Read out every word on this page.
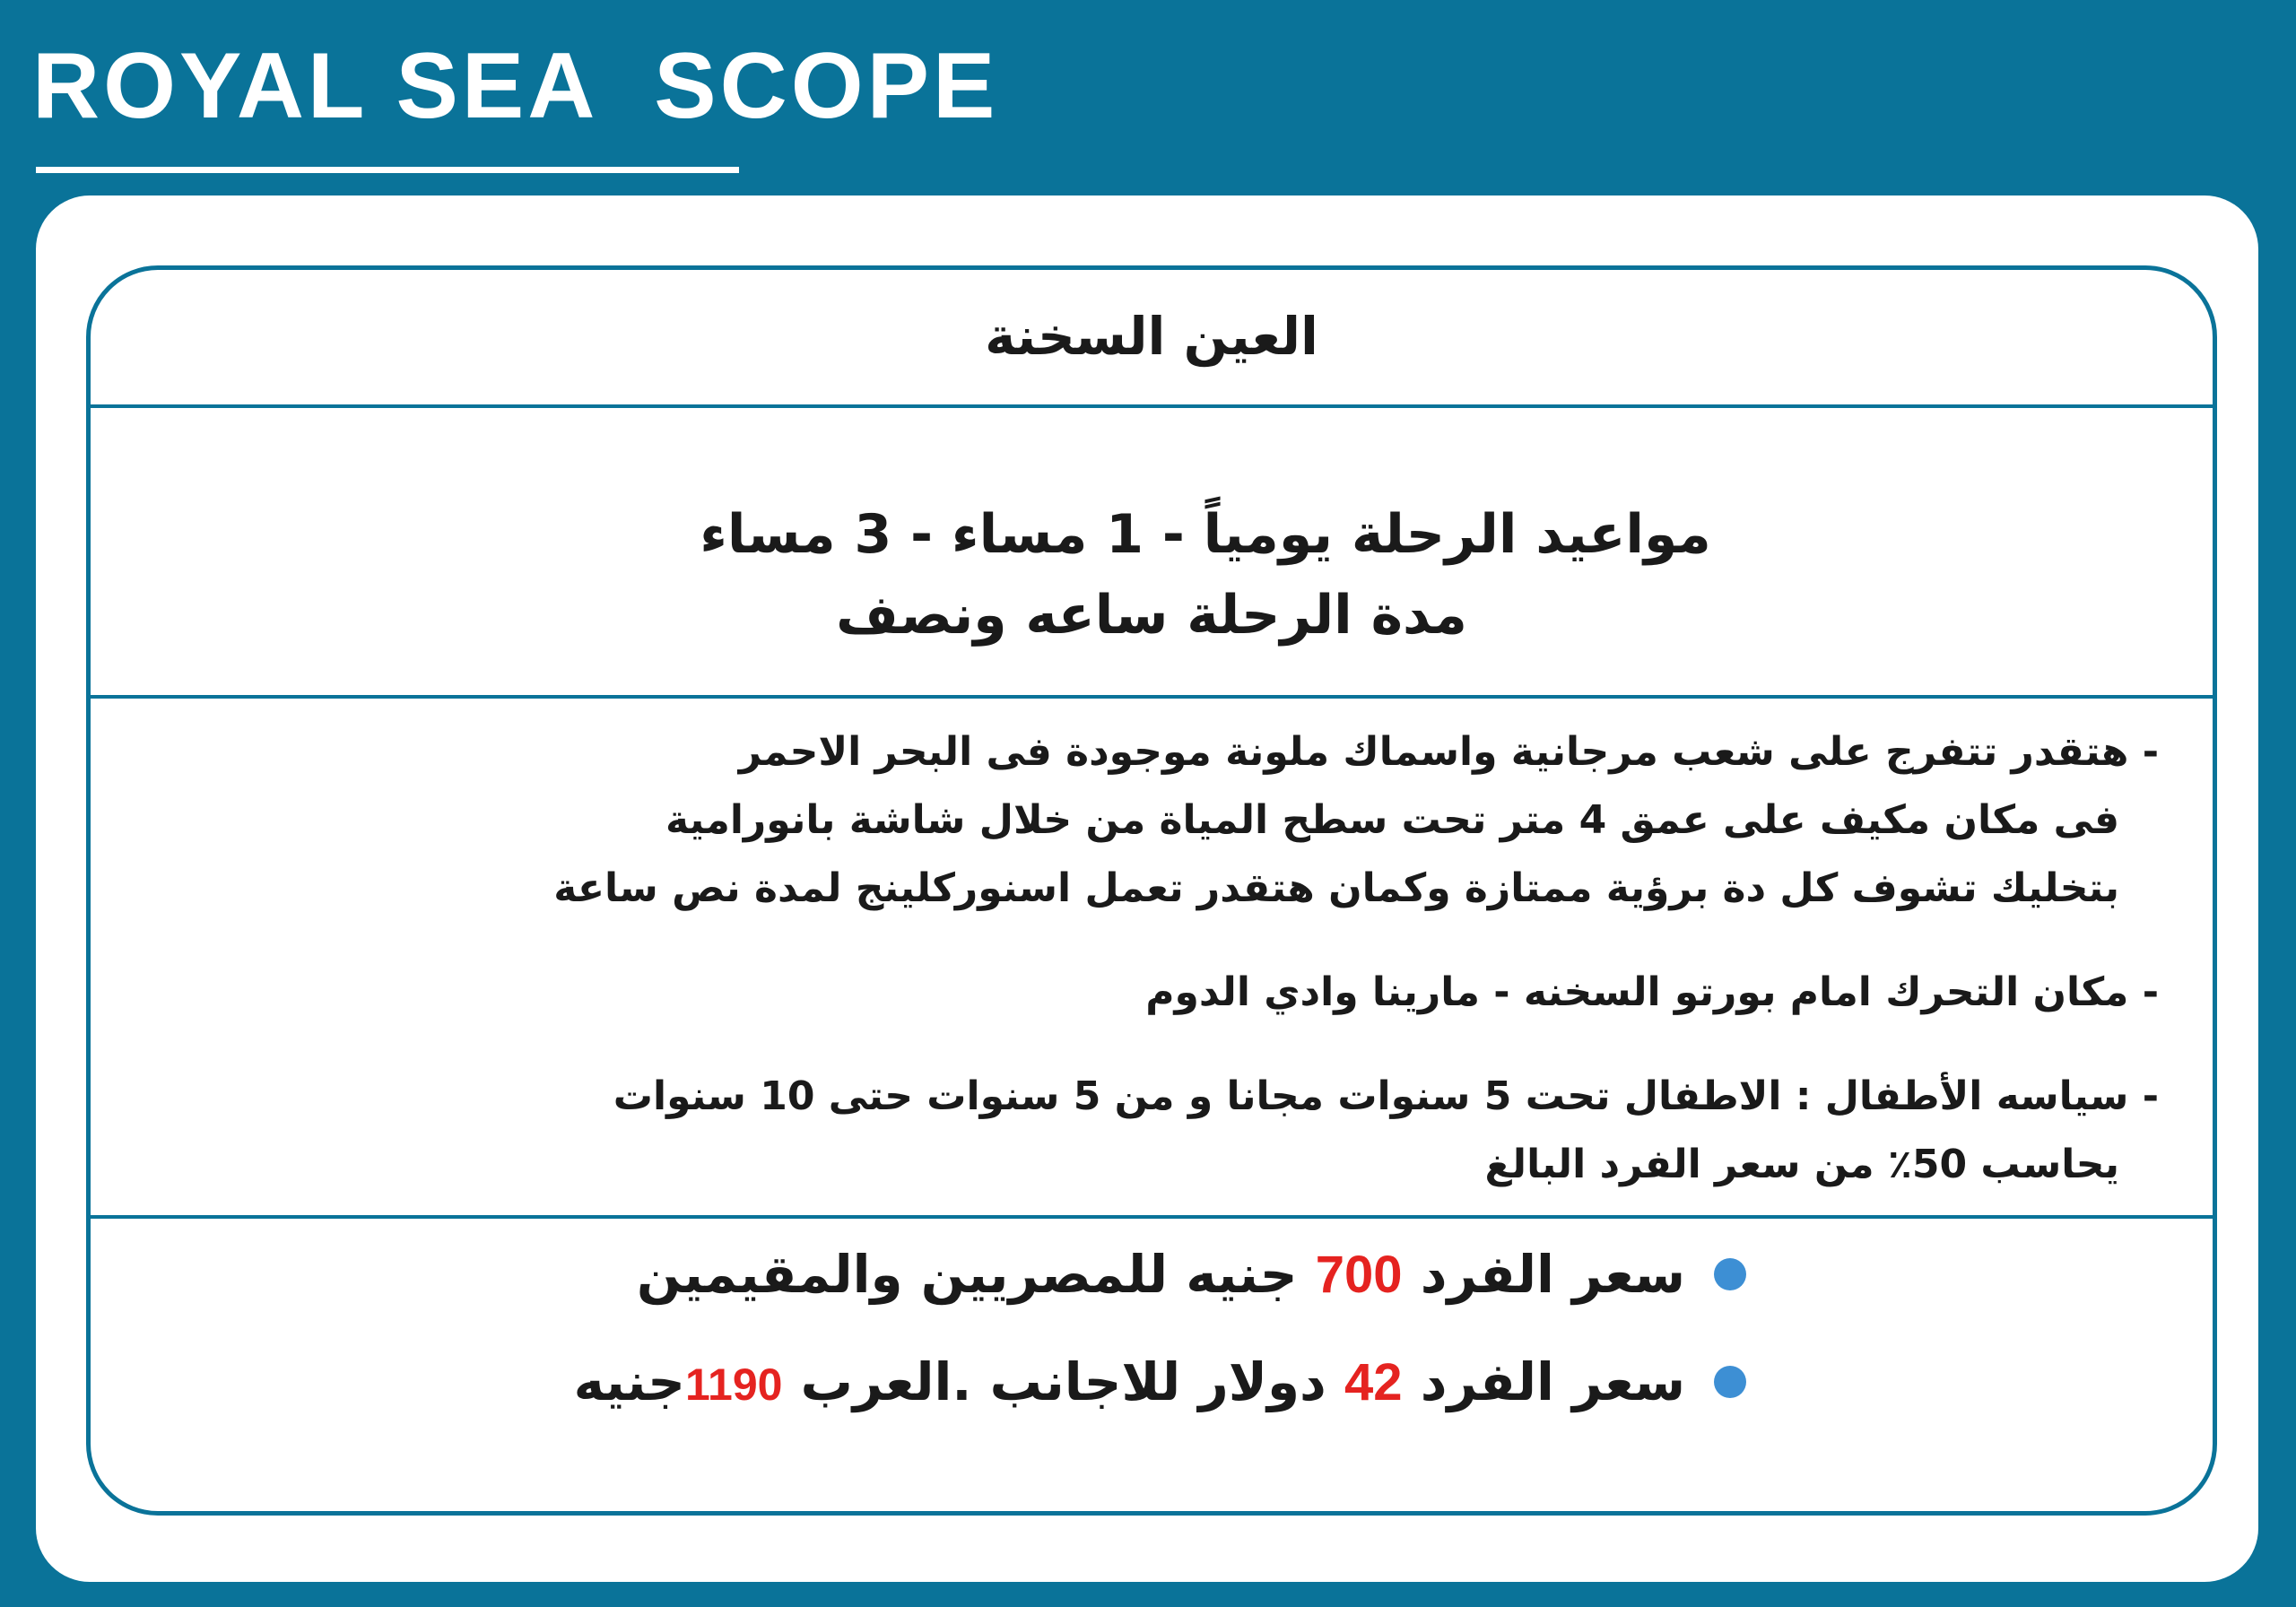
ROYAL SEA  SCOPE
العين السخنة
مواعيد الرحلة يومياً - 1 مساء - 3 مساء
مدة الرحلة ساعه ونصف

- هتقدر تتفرج على شعب مرجانية واسماك ملونة موجودة فى البحر الاحمر
فى مكان مكيف على عمق 4 متر تحت سطح المياة من خلال شاشة بانورامية
بتخليك تشوف كل دة برؤية ممتازة وكمان هتقدر تعمل اسنوركلينج لمدة نص ساعة

- مكان التحرك امام بورتو السخنه - مارينا وادي الدوم

- سياسه الأطفال : الاطفال تحت 5 سنوات مجانا و من 5 سنوات حتى 10 سنوات
يحاسب 50٪ من سعر الفرد البالغ

سعر الفرد 700 جنيه للمصريين والمقيمين
سعر الفرد 42 دولار للاجانب .العرب 1190جنيه
